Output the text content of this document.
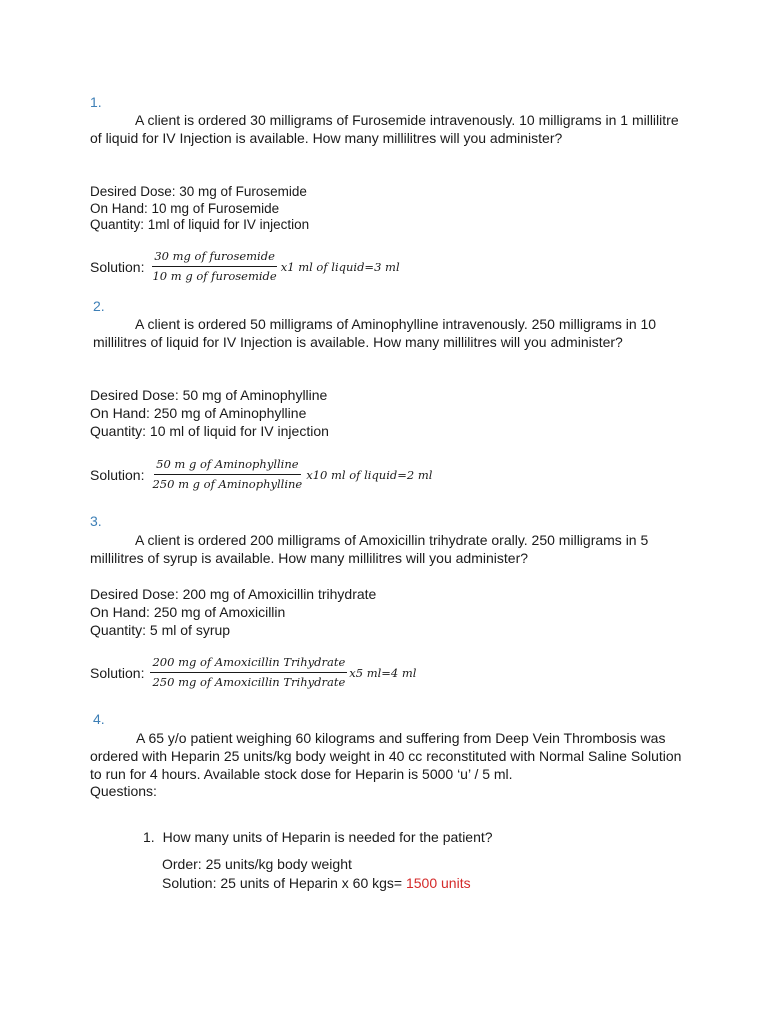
1.
A client is ordered 30 milligrams of Furosemide intravenously. 10 milligrams in 1 millilitre of liquid for IV Injection is available. How many millilitres will you administer?
Desired Dose: 30 mg of Furosemide
On Hand: 10 mg of Furosemide
Quantity: 1ml of liquid for IV injection
Solution: $\frac{\text{30 mg of furosemide}}{\text{10 m g of furosemide}} x1$ ml of liquid=3 ml
2.
A client is ordered 50 milligrams of Aminophylline intravenously. 250 milligrams in 10 millilitres of liquid for IV Injection is available. How many millilitres will you administer?
Desired Dose: 50 mg of Aminophylline
On Hand: 250 mg of Aminophylline
Quantity: 10 ml of liquid for IV injection
Solution: $\frac{\text{50 m g of Aminophylline}}{\text{250 m g of Aminophylline}} x10$ ml of liquid=2 ml
3.
A client is ordered 200 milligrams of Amoxicillin trihydrate orally. 250 milligrams in 5 millilitres of syrup is available. How many millilitres will you administer?
Desired Dose: 200 mg of Amoxicillin trihydrate
On Hand: 250 mg of Amoxicillin
Quantity: 5 ml of syrup
Solution: $\frac{\text{200 mg of Amoxicillin Trihydrate}}{\text{250 mg of Amoxicillin Trihydrate}} x5$ ml=4 ml
4.
A 65 y/o patient weighing 60 kilograms and suffering from Deep Vein Thrombosis was ordered with Heparin 25 units/kg body weight in 40 cc reconstituted with Normal Saline Solution to run for 4 hours. Available stock dose for Heparin is 5000 ‘u’ / 5 ml.
Questions:
1. How many units of Heparin is needed for the patient?
Order: 25 units/kg body weight
Solution: 25 units of Heparin x 60 kgs= 1500 units
